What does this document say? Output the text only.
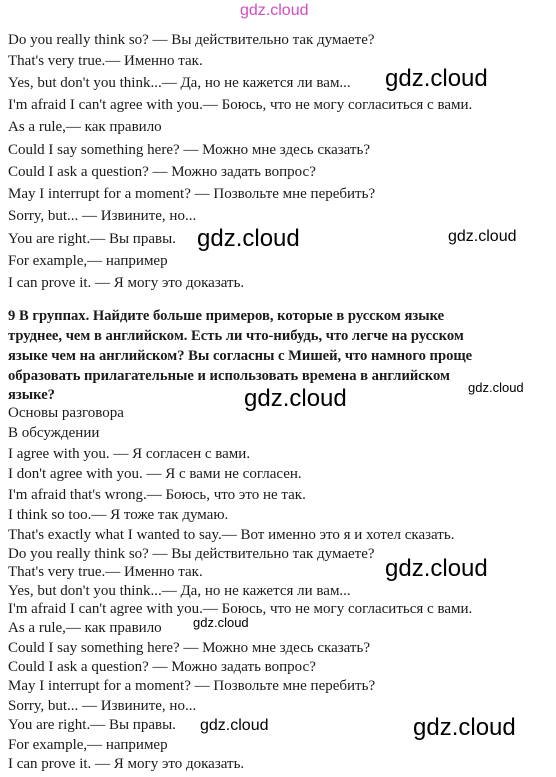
gdz.cloud
Do you really think so? — Вы действительно так думаете?
That's very true.— Именно так.
Yes, but don't you think...— Да, но не кажется ли вам...
I'm afraid I can't agree with you.— Боюсь, что не могу согласиться с вами.
As a rule,— как правило
Could I say something here? — Можно мне здесь сказать?
Could I ask a question? — Можно задать вопрос?
May I interrupt for a moment? — Позвольте мне перебить?
Sorry, but... — Извините, но...
You are right.— Вы правы.
For example,— например
I can prove it. — Я могу это доказать.
9 В группах. Найдите больше примеров, которые в русском языке
труднее, чем в английском. Есть ли что-нибудь, что легче на русском
языке чем на английском? Вы согласны с Мишей, что намного проще
образовать прилагательные и использовать времена в английском
языке?
Основы разговора
В обсуждении
I agree with you. — Я согласен с вами.
I don't agree with you. — Я с вами не согласен.
I'm afraid that's wrong.— Боюсь, что это не так.
I think so too.— Я тоже так думаю.
That's exactly what I wanted to say.— Вот именно это я и хотел сказать.
Do you really think so? — Вы действительно так думаете?
That's very true.— Именно так.
Yes, but don't you think...— Да, но не кажется ли вам...
I'm afraid I can't agree with you.— Боюсь, что не могу согласиться с вами.
As a rule,— как правило
Could I say something here? — Можно мне здесь сказать?
Could I ask a question? — Можно задать вопрос?
May I interrupt for a moment? — Позвольте мне перебить?
Sorry, but... — Извините, но...
You are right.— Вы правы.
For example,— например
I can prove it. — Я могу это доказать.
gdz.cloud
gdz.cloud	gdz.cloud
gdz.cloud
gdz.cloud
gdz.cloud
gdz.cloud
gdz.cloud	gdz.cloud
